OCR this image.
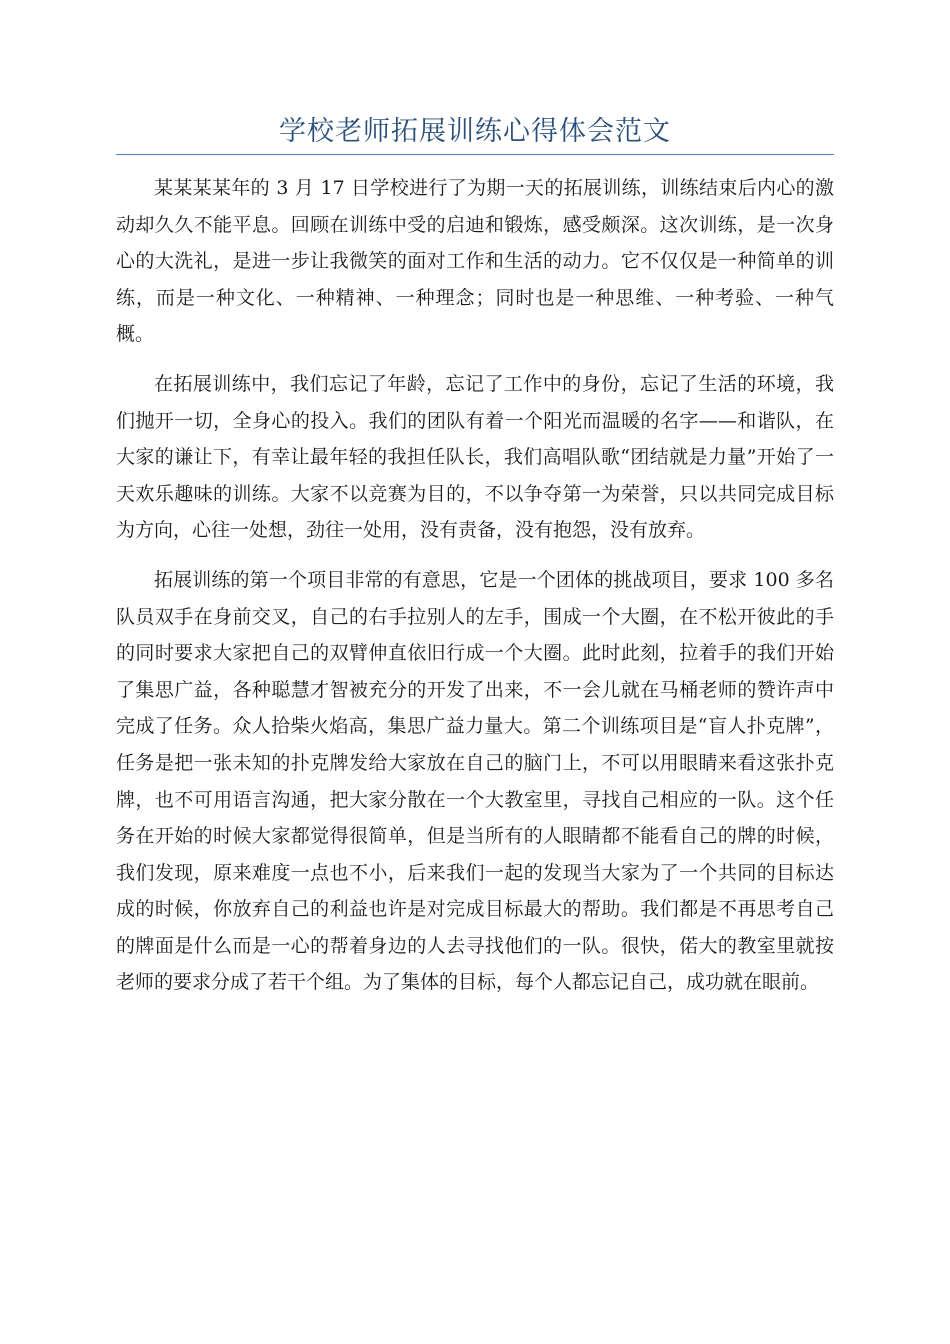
学校老师拓展训练心得体会范文

某某某某年的 3 月 17 日学校进行了为期一天的拓展训练，训练结束后内心的激动却久久不能平息。回顾在训练中受的启迪和锻炼，感受颇深。这次训练，是一次身心的大洗礼，是进一步让我微笑的面对工作和生活的动力。它不仅仅是一种简单的训练，而是一种文化、一种精神、一种理念；同时也是一种思维、一种考验、一种气概。

在拓展训练中，我们忘记了年龄，忘记了工作中的身份，忘记了生活的环境，我们抛开一切，全身心的投入。我们的团队有着一个阳光而温暖的名字——和谐队，在大家的谦让下，有幸让最年轻的我担任队长，我们高唱队歌“团结就是力量”开始了一天欢乐趣味的训练。大家不以竞赛为目的，不以争夺第一为荣誉，只以共同完成目标为方向，心往一处想，劲往一处用，没有责备，没有抱怨，没有放弃。

拓展训练的第一个项目非常的有意思，它是一个团体的挑战项目，要求 100 多名队员双手在身前交叉，自己的右手拉别人的左手，围成一个大圈，在不松开彼此的手的同时要求大家把自己的双臂伸直依旧行成一个大圈。此时此刻，拉着手的我们开始了集思广益，各种聪慧才智被充分的开发了出来，不一会儿就在马桶老师的赞许声中完成了任务。众人拾柴火焰高，集思广益力量大。第二个训练项目是“盲人扑克牌”，任务是把一张未知的扑克牌发给大家放在自己的脑门上，不可以用眼睛来看这张扑克牌，也不可用语言沟通，把大家分散在一个大教室里，寻找自己相应的一队。这个任务在开始的时候大家都觉得很简单，但是当所有的人眼睛都不能看自己的牌的时候，我们发现，原来难度一点也不小，后来我们一起的发现当大家为了一个共同的目标达成的时候，你放弃自己的利益也许是对完成目标最大的帮助。我们都是不再思考自己的牌面是什么而是一心的帮着身边的人去寻找他们的一队。很快，偌大的教室里就按老师的要求分成了若干个组。为了集体的目标，每个人都忘记自己，成功就在眼前。
